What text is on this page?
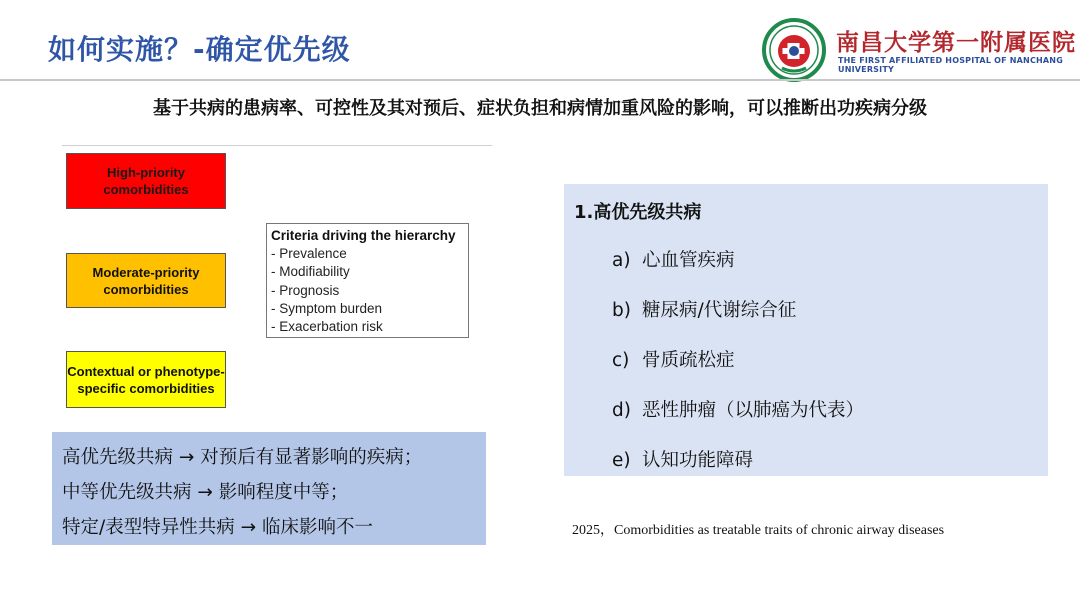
如何实施？-确定优先级	南昌大学第一附属医院
THE FIRST AFFILIATED HOSPITAL OF NANCHANG UNIVERSITY
基于共病的患病率、可控性及其对预后、症状负担和病情加重风险的影响，可以推断出功疾病分级
High-priority comorbidities
Moderate-priority comorbidities
Contextual or phenotype-specific comorbidities
Criteria driving the hierarchy
- Prevalence
- Modifiability
- Prognosis
- Symptom burden
- Exacerbation risk
高优先级共病 → 对预后有显著影响的疾病；
中等优先级共病 → 影响程度中等；
特定/表型特异性共病 → 临床影响不一
1.高优先级共病
a) 心血管疾病
b) 糖尿病/代谢综合征
c) 骨质疏松症
d) 恶性肿瘤（以肺癌为代表）
e) 认知功能障碍
2025，Comorbidities as treatable traits of chronic airway diseases
